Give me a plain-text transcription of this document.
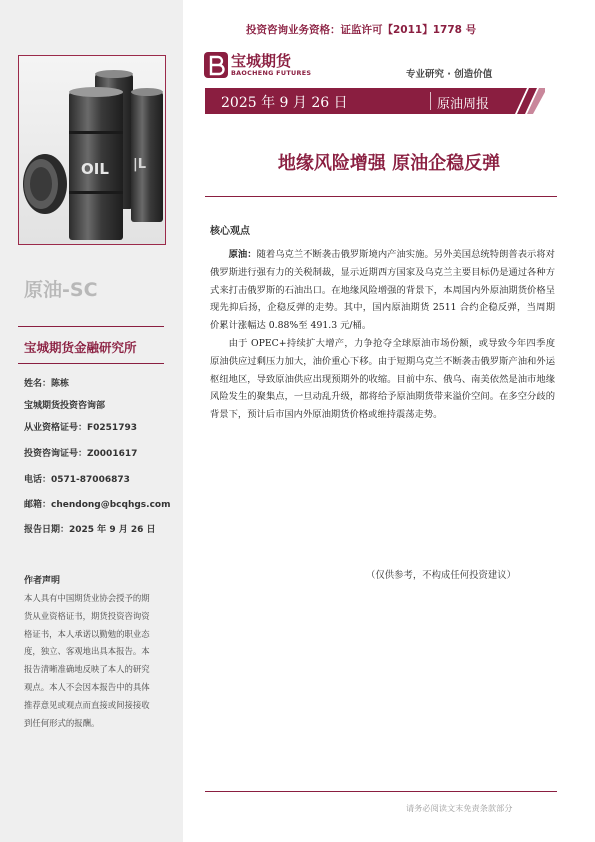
OIL |L
原油-SC
宝城期货金融研究所
姓名：陈栋
宝城期货投资咨询部
从业资格证号：F0251793
投资咨询证号：Z0001617
电话：0571-87006873
邮箱：chendong@bcqhgs.com
报告日期：2025 年 9 月 26 日
作者声明
本人具有中国期货业协会授予的期货从业资格证书，期货投资咨询资格证书，本人承诺以勤勉的职业态度，独立、客观地出具本报告。本报告清晰准确地反映了本人的研究观点。本人不会因本报告中的具体推荐意见或观点而直接或间接接收到任何形式的报酬。
投资咨询业务资格：证监许可【2011】1778 号
宝城期货
BAOCHENG FUTURES	专业研究 · 创造价值
2025 年 9 月 26 日	原油周报
地缘风险增强 原油企稳反弹
核心观点

原油：随着乌克兰不断袭击俄罗斯境内产油实施。另外美国总统特朗普表示将对俄罗斯进行强有力的关税制裁，显示近期西方国家及乌克兰主要目标仍是通过各种方式来打击俄罗斯的石油出口。在地缘风险增强的背景下，本周国内外原油期货价格呈现先抑后扬，企稳反弹的走势。其中，国内原油期货 2511 合约企稳反弹，当周期价累计涨幅达 0.88%至 491.3 元/桶。

由于 OPEC+持续扩大增产，力争抢夺全球原油市场份额，或导致今年四季度原油供应过剩压力加大，油价重心下移。由于短期乌克兰不断袭击俄罗斯产油和外运枢纽地区，导致原油供应出现预期外的收缩。目前中东、俄乌、南美依然是油市地缘风险发生的聚集点，一旦动乱升级，都将给予原油期货带来溢价空间。在多空分歧的背景下，预计后市国内外原油期货价格或维持震荡走势。

（仅供参考，不构成任何投资建议）
请务必阅读文末免责条款部分
